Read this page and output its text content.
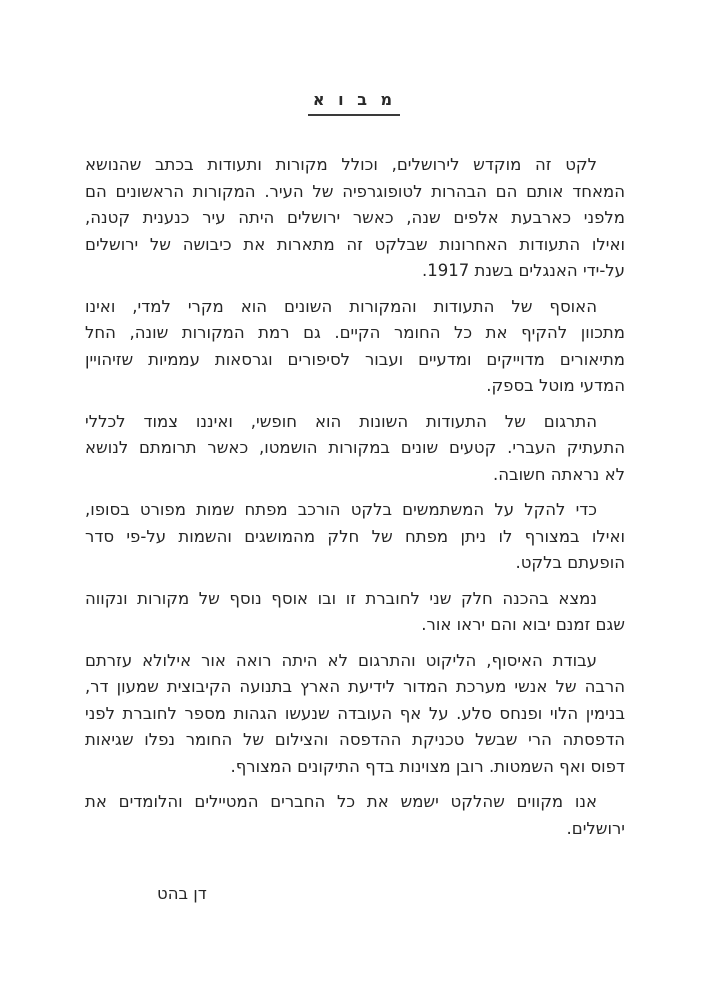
מ ב ו א
לקט זה מוקדש לירושלים, וכולל מקורות ותעודות בכתב שהנושא
המאחד אותם הם הבהרות לטופוגרפיה של העיר. המקורות הראשונים הם
מלפני כארבעת אלפים שנה, כאשר ירושלים היתה עיר כנענית קטנה,
ואילו התעודות האחרונות שבלקט זה מתארות את כיבושה של ירושלים
על-ידי האנגלים בשנת 1917.
האוסף של התעודות והמקורות השונים הוא מקרי למדי, ואינו
מתכוון להקיף את כל החומר הקיים. גם רמת המקורות שונה, החל
מתיאורים מדוייקים ומדעיים ועבור לסיפורים וגרסאות עממיות שזיהויין
המדעי מוטל בספק.
התרגום של התעודות השונות הוא חופשי, ואיננו צמוד לכללי
התעתיק העברי. קטעים שונים במקורות הושמטו, כאשר תרומתם לנושא
לא נראתה חשובה.
כדי להקל על המשתמשים בלקט הורכב מפתח שמות מפורט בסופו,
ואילו במצורף לו ניתן מפתח של חלק מהמושגים והשמות על-פי סדר
הופעתם בלקט.
נמצא בהכנה חלק שני לחוברת זו ובו אוסף נוסף של מקורות ונקווה
שגם זמנם יבוא והם יראו אור.
עבודת האיסוף, הליקוט והתרגום לא היתה רואה אור אילולא עזרתם
הרבה של אנשי מערכת המדור לידיעת הארץ בתנועה הקיבוצית שמעון דר,
בנימין הלוי ופנחס סלע. על אף העובדה שנעשו הגהות מספר לחוברת לפני
הדפסתה הרי שבשל טכניקת ההדפסה והצילום של החומר נפלו שגיאות
דפוס ואף השמטות. רובן מצוינות בדף התיקונים המצורף.
אנו מקווים שהלקט ישמש את כל החברים המטיילים והלומדים את
ירושלים.
דן בהט
